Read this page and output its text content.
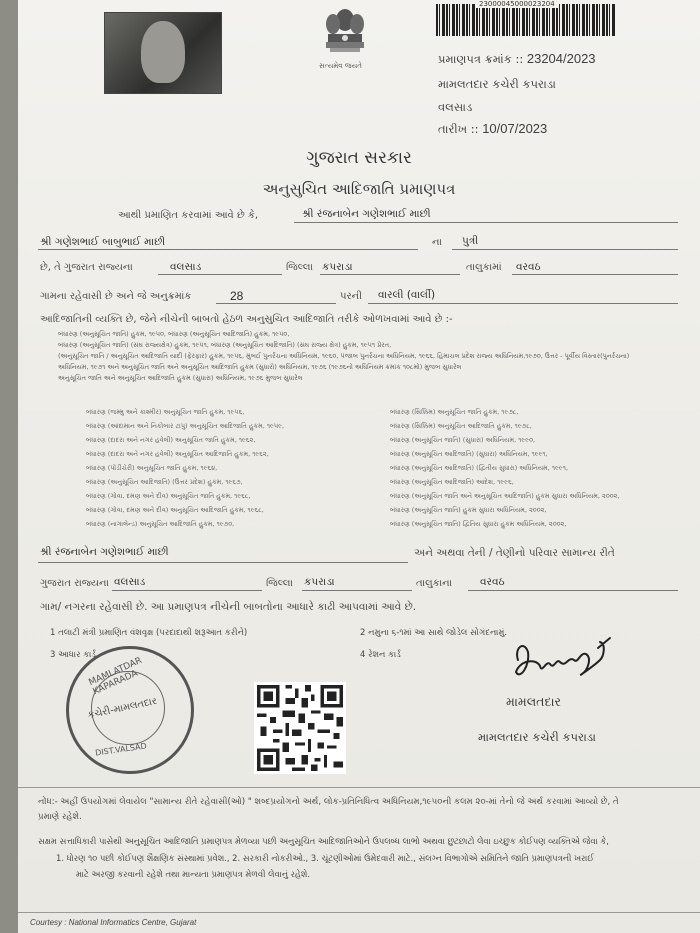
સત્યમેવ જયતે
23000045000023204
પ્રમાણપત્ર ક્રમાંક :: 23204/2023
મામલતદાર કચેરી કપરાડા
વલસાડ
તારીખ :: 10/07/2023
ગુજરાત સરકાર
અનુસુચિત આદિજાતિ પ્રમાણપત્ર
આથી પ્રમાણિત કરવામાં આવે છે કે,	શ્રી રંજનાબેન ગણેશભાઈ માછી
શ્રી ગણેશભાઈ બાબુભાઈ માછી	ના પુત્રી
છે, તે ગુજરાત રાજ્યના	વલસાડ	જિલ્લા કપરાડા	તાલુકામાં વરવઠ
ગામના રહેવાસી છે અને જે અનુક્રમાંક	28	પરની વારલી (વાર્લી)
આદિજાતિની વ્યક્તિ છે, જેને નીચેની બાબતો હેઠળ અનુસુચિત આદિજાતિ તરીકે ઓળખવામાં આવે છે :-
બંધારણ (અનુસૂચિત જાતિ) હુકમ, ૧૯૫૦, બંધારણ (અનુસૂચિત આદિજાતિ) હુકમ, ૧૯૫૦,
બંધારણ (અનુસૂચિત જાતિ) (સંઘ રાજ્યક્ષેત્ર) હુકમ, ૧૯૫૧, બંધારણ (અનુસૂચિત આદિજાતિ) (સંઘ રાજ્ય ક્ષેત્ર) હુકમ, ૧૯૫૧ પ્રેરત,
(અનુસૂચિત જાતિ / અનુસૂચિત આદિજાતિ યાદી (ફેરફાર) હુકમ, ૧૯૫૬, મુંબઈ પુનર્રચના અધિનિયમ, ૧૯૬૦, પંજાબ પુનર્રચના અધિનિયમ, ૧૯૬૬, હિમાચલ પ્રદેશ રાજ્ય અધિનિયમ,૧૯૭૦, ઉત્તર - પૂર્વીય વિસ્તાર(પુનર્રચના)
અધિનિયમ, ૧૯૭૧ અને અનુસૂચિત જાતિ અને અનુસૂચિત આદિજાતિ હુકમ (સુધારો) અધિનિયમ, ૧૯૭૬ (૧૯૭૬નો અધિનિયમ ક્રમાંક ૧૦૮મો) મુજબ સુધારેલ
અનુસૂચિત જાતિ અને અનુસૂચિત આદિજાતિ હુકમ (સુધારા) અધિનિયમ, ૧૯૭૬ મુજબ સુધારેલ
બંધારણ (જમ્મુ અને કાશ્મીર) અનુસૂચિત જાતિ હુકમ, ૧૯૫૬,
બંધારણ (આંદામાન અને નિકોબાર ટાપુ) અનુસૂચિત આદિજાતિ હુકમ, ૧૯૫૯,
બંધારણ (દાદરા અને નગર હવેલી) અનુસૂચિત જાતિ હુકમ, ૧૯૬૨,
બંધારણ (દાદરા અને નગર હવેલી) અનુસૂચિત આદિજાતિ હુકમ, ૧૯૬૨,
બંધારણ (પોંડીચેરી) અનુસૂચિત જાતિ હુકમ, ૧૯૬૪,
બંધારણ (અનુસૂચિત આદિજાતિ) (ઉત્તર પ્રદેશ) હુકમ, ૧૯૬૭,
બંધારણ (ગોવા, દમણ અને દીવ) અનુસૂચિત જાતિ હુકમ, ૧૯૬૮,
બંધારણ (ગોવા, દમણ અને દીવ) અનુસૂચિત આદિજાતિ હુકમ, ૧૯૬૮,
બંધારણ (નાગાલેન્ડ) અનુસૂચિત આદિજાતિ હુકમ, ૧૯૭૦,
બંધારણ (સિક્કિમ) અનુસૂચિત જાતિ હુકમ, ૧૯૭૮,
બંધારણ (સિક્કિમ) અનુસૂચિત આદિજાતિ હુકમ, ૧૯૭૮,
બંધારણ (અનુસૂચિત જાતિ) (સુધારા) અધિનિયમ, ૧૯૯૦,
બંધારણ (અનુસૂચિત આદિજાતિ) (સુધારા) અધિનિયમ, ૧૯૯૧,
બંધારણ (અનુસૂચિત આદિજાતિ) (દ્વિતીય સુધારા) અધિનિયમ, ૧૯૯૧,
બંધારણ (અનુસૂચિત આદિજાતિ) આદેશ, ૧૯૯૬,
બંધારણ (અનુસૂચિત જાતિ અને અનુસૂચિત આદિજાતિ) હુકમ સુધારા અધિનિયમ, ૨૦૦૨,
બંધારણ (અનુસૂચિત જાતિ) હુકમ સુધારા અધિનિયમ, ૨૦૦૨,
બંધારણ (અનુસૂચિત જાતિ) દ્વિતિય સુધારા હુકમ અધિનિયમ, ૨૦૦૨,
શ્રી રંજનાબેન ગણેશભાઈ માછી	અને અથવા તેની / તેણીનો પરિવાર સામાન્ય રીતે
ગુજરાત રાજ્યના વલસાડ	જિલ્લા કપરાડા	તાલુકાના	વરવઠ
ગામ/ નગરના રહેવાસી છે. આ પ્રમાણપત્ર નીચેની બાબતોના આધારે કાઢી આપવામાં આવે છે.
1 તલાટી મંત્રી પ્રમાણિત વંશવૃક્ષ (પરદાદાથી શરૂઆત કરીને)	2 નમુના ૬-૧માં આ સાથે જોડેલ સોગંદનામું.
3 આધાર કાર્ડ	4 રેશન કાર્ડ
MAMLATDAR KAPARADA
કચેરી-મામલતદાર
DIST.VALSAD
મામલતદાર
મામલતદાર કચેરી કપરાડા
નોંધ:- અહીં ઉપયોગમાં લેવાયેલ "સામાન્ય રીતે રહેવાસી(ઓ) " શબ્દપ્રયોગનો અર્થ, લોક-પ્રતિનિધિત્વ અધિનિયમ,૧૯૫૦ની કલમ ૨૦-માં તેનો જે અર્થ કરવામાં આવ્યો છે, તે
પ્રમાણે રહેશે.
સક્ષમ સત્તાધિકારી પાસેથી અનુસૂચિત આદિજાતિ પ્રમાણપત્ર મેળવ્યા પછી અનુસૂચિત આદિજાતિઓને ઉપલબ્ધ લાભો અથવા છુટછાટો લેવા ઇચ્છુક કોઈપણ વ્યક્તિએ જેવા કે,
1. ધોરણ ૧૦ પછી કોઈપણ શૈક્ષણિક સંસ્થામાં પ્રવેશ., 2. સરકારી નોકરીઓ., 3. ચૂંટણીઓમાં ઉમેદવારી માટે., સંલગ્ન વિભાગોએ સમિતિને જાતિ પ્રમાણપત્રની ખરાઈ
માટે અરજી કરવાની રહેશે તથા માન્યતા પ્રમાણપત્ર મેળવી લેવાનું રહેશે.
Courtesy : National Informatics Centre, Gujarat
